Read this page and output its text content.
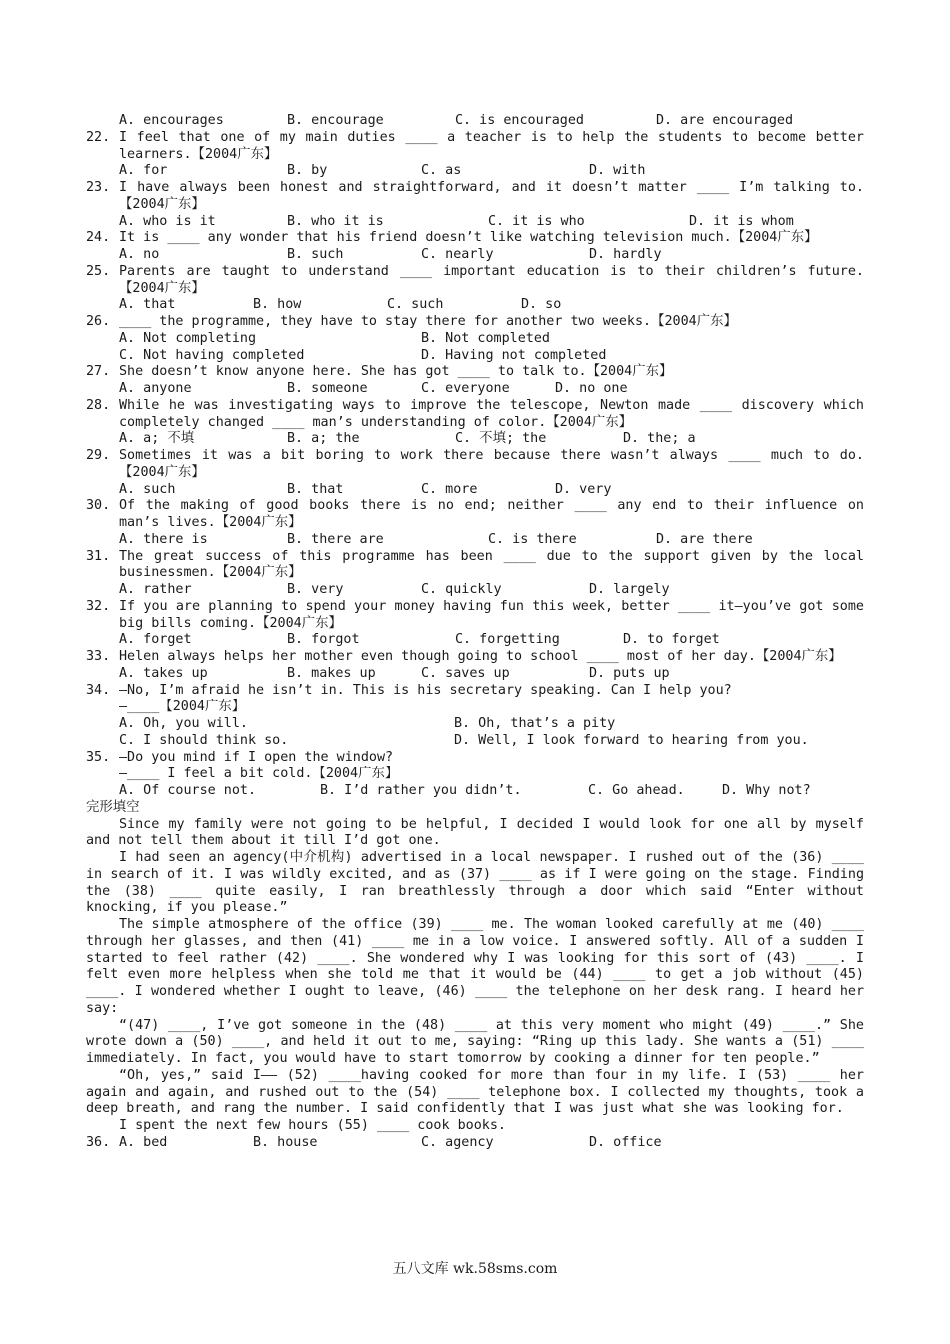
A. encourages	B. encourage	C. is encouraged	D. are encouraged
22. I feel that one of my main duties ____ a teacher is to help the students to become better learners.【2004广东】
A. for	B. by	C. as	D. with
23. I have always been honest and straightforward, and it doesn’t matter ____ I’m talking to.【2004广东】
A. who is it	B. who it is	C. it is who	D. it is whom
24. It is ____ any wonder that his friend doesn’t like watching television much.【2004广东】
A. no	B. such	C. nearly	D. hardly
25. Parents are taught to understand ____ important education is to their children’s future.【2004广东】
A. that	B. how	C. such	D. so
26. ____ the programme, they have to stay there for another two weeks.【2004广东】
A. Not completing	B. Not completed
C. Not having completed	D. Having not completed
27. She doesn’t know anyone here. She has got ____ to talk to.【2004广东】
A. anyone	B. someone	C. everyone	D. no one
28. While he was investigating ways to improve the telescope, Newton made ____ discovery which completely changed ____ man’s understanding of color.【2004广东】
A. a; 不填	B. a; the	C. 不填; the	D. the; a
29. Sometimes it was a bit boring to work there because there wasn’t always ____ much to do.【2004广东】
A. such	B. that	C. more	D. very
30. Of the making of good books there is no end; neither ____ any end to their influence on man’s lives.【2004广东】
A. there is	B. there are	C. is there	D. are there
31. The great success of this programme has been ____ due to the support given by the local businessmen.【2004广东】
A. rather	B. very	C. quickly	D. largely
32. If you are planning to spend your money having fun this week, better ____ it—you’ve got some big bills coming.【2004广东】
A. forget	B. forgot	C. forgetting	D. to forget
33. Helen always helps her mother even though going to school ____ most of her day.【2004广东】
A. takes up	B. makes up	C. saves up	D. puts up
34. —No, I’m afraid he isn’t in. This is his secretary speaking. Can I help you?
—____【2004广东】
A. Oh, you will.	B. Oh, that’s a pity
C. I should think so.	D. Well, I look forward to hearing from you.
35. —Do you mind if I open the window?
—____ I feel a bit cold.【2004广东】
A. Of course not.	B. I’d rather you didn’t.	C. Go ahead.	D. Why not?
完形填空

Since my family were not going to be helpful, I decided I would look for one all by myself and not tell them about it till I’d got one.

I had seen an agency(中介机构) advertised in a local newspaper. I rushed out of the (36) ____ in search of it. I was wildly excited, and as (37) ____ as if I were going on the stage. Finding the (38) ____ quite easily, I ran breathlessly through a door which said “Enter without knocking, if you please.”

The simple atmosphere of the office (39) ____ me. The woman looked carefully at me (40) ____ through her glasses, and then (41) ____ me in a low voice. I answered softly. All of a sudden I started to feel rather (42) ____. She wondered why I was looking for this sort of (43) ____. I felt even more helpless when she told me that it would be (44) ____ to get a job without (45) ____. I wondered whether I ought to leave, (46) ____ the telephone on her desk rang. I heard her say:

“(47) ____, I’ve got someone in the (48) ____ at this very moment who might (49) ____.” She wrote down a (50) ____, and held it out to me, saying: “Ring up this lady. She wants a (51) ____ immediately. In fact, you would have to start tomorrow by cooking a dinner for ten people.”

“Oh, yes,” said I—— (52) ____having cooked for more than four in my life. I (53) ____ her again and again, and rushed out to the (54) ____ telephone box. I collected my thoughts, took a deep breath, and rang the number. I said confidently that I was just what she was looking for.

I spent the next few hours (55) ____ cook books.

36. A. bed	B. house	C. agency	D. office
五八文库 wk.58sms.com
